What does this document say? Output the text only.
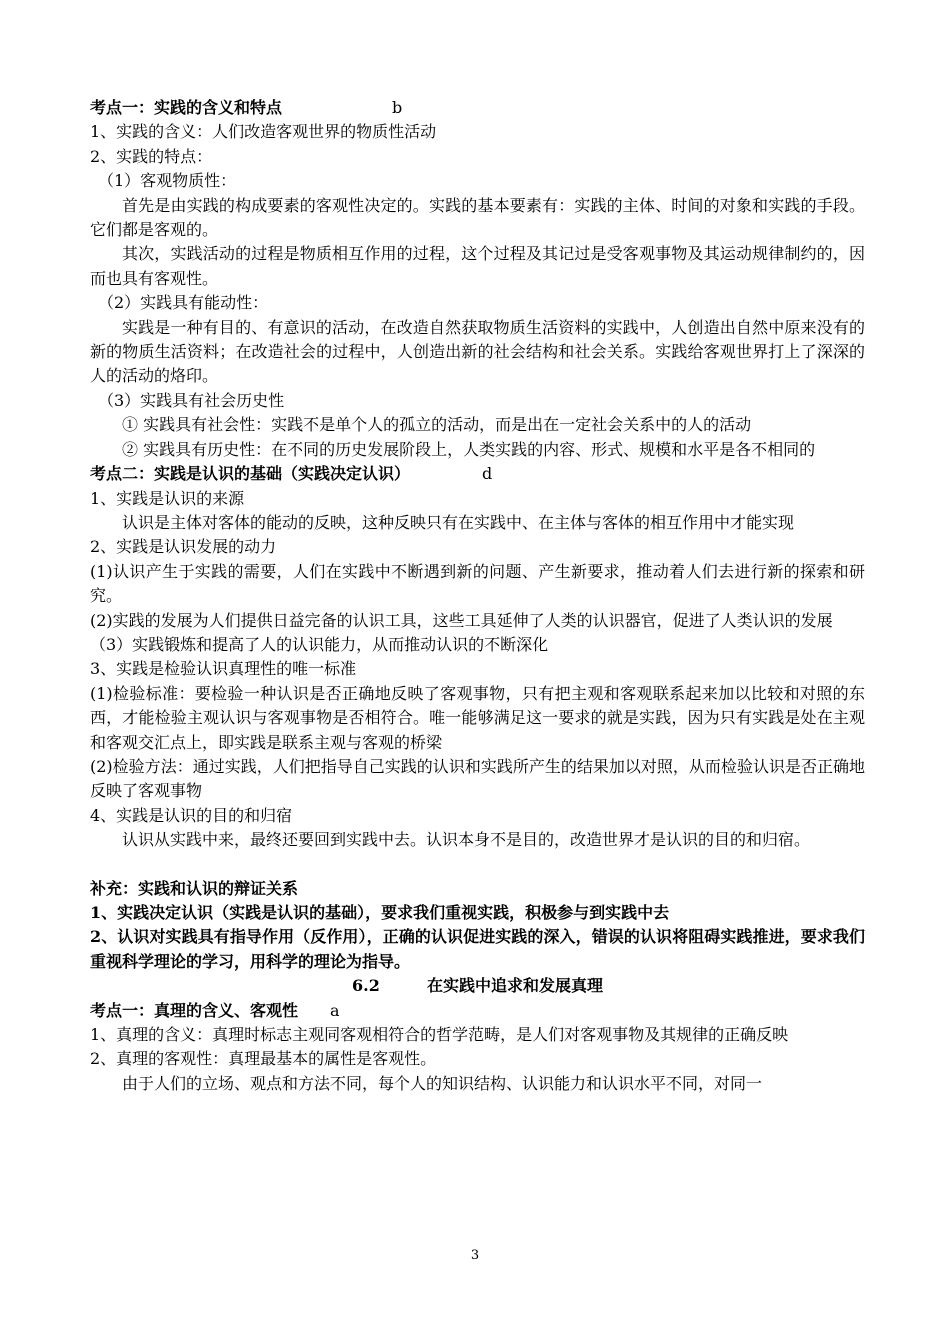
考点一：实践的含义和特点	b

1、实践的含义：人们改造客观世界的物质性活动

2、实践的特点：

（1）客观物质性：

首先是由实践的构成要素的客观性决定的。实践的基本要素有：实践的主体、时间的对象和实践的手段。它们都是客观的。

其次，实践活动的过程是物质相互作用的过程，这个过程及其记过是受客观事物及其运动规律制约的，因而也具有客观性。

（2）实践具有能动性：

实践是一种有目的、有意识的活动，在改造自然获取物质生活资料的实践中，人创造出自然中原来没有的新的物质生活资料；在改造社会的过程中，人创造出新的社会结构和社会关系。实践给客观世界打上了深深的人的活动的烙印。

（3）实践具有社会历史性

① 实践具有社会性：实践不是单个人的孤立的活动，而是出在一定社会关系中的人的活动

② 实践具有历史性：在不同的历史发展阶段上，人类实践的内容、形式、规模和水平是各不相同的

考点二：实践是认识的基础（实践决定认识）	d

1、实践是认识的来源

认识是主体对客体的能动的反映，这种反映只有在实践中、在主体与客体的相互作用中才能实现

2、实践是认识发展的动力

(1)认识产生于实践的需要，人们在实践中不断遇到新的问题、产生新要求，推动着人们去进行新的探索和研究。

(2)实践的发展为人们提供日益完备的认识工具，这些工具延伸了人类的认识器官，促进了人类认识的发展

（3）实践锻炼和提高了人的认识能力，从而推动认识的不断深化

3、实践是检验认识真理性的唯一标准

(1)检验标准：要检验一种认识是否正确地反映了客观事物，只有把主观和客观联系起来加以比较和对照的东西，才能检验主观认识与客观事物是否相符合。唯一能够满足这一要求的就是实践，因为只有实践是处在主观和客观交汇点上，即实践是联系主观与客观的桥梁

(2)检验方法：通过实践，人们把指导自己实践的认识和实践所产生的结果加以对照，从而检验认识是否正确地反映了客观事物

4、实践是认识的目的和归宿

认识从实践中来，最终还要回到实践中去。认识本身不是目的，改造世界才是认识的目的和归宿。

补充：实践和认识的辩证关系

1、实践决定认识（实践是认识的基础），要求我们重视实践，积极参与到实践中去

2、认识对实践具有指导作用（反作用），正确的认识促进实践的深入，错误的认识将阻碍实践推进，要求我们重视科学理论的学习，用科学的理论为指导。

6.2	在实践中追求和发展真理
考点一：真理的含义、客观性 a

1、真理的含义：真理时标志主观同客观相符合的哲学范畴，是人们对客观事物及其规律的正确反映

2、真理的客观性：真理最基本的属性是客观性。

由于人们的立场、观点和方法不同，每个人的知识结构、认识能力和认识水平不同，对同一

3
